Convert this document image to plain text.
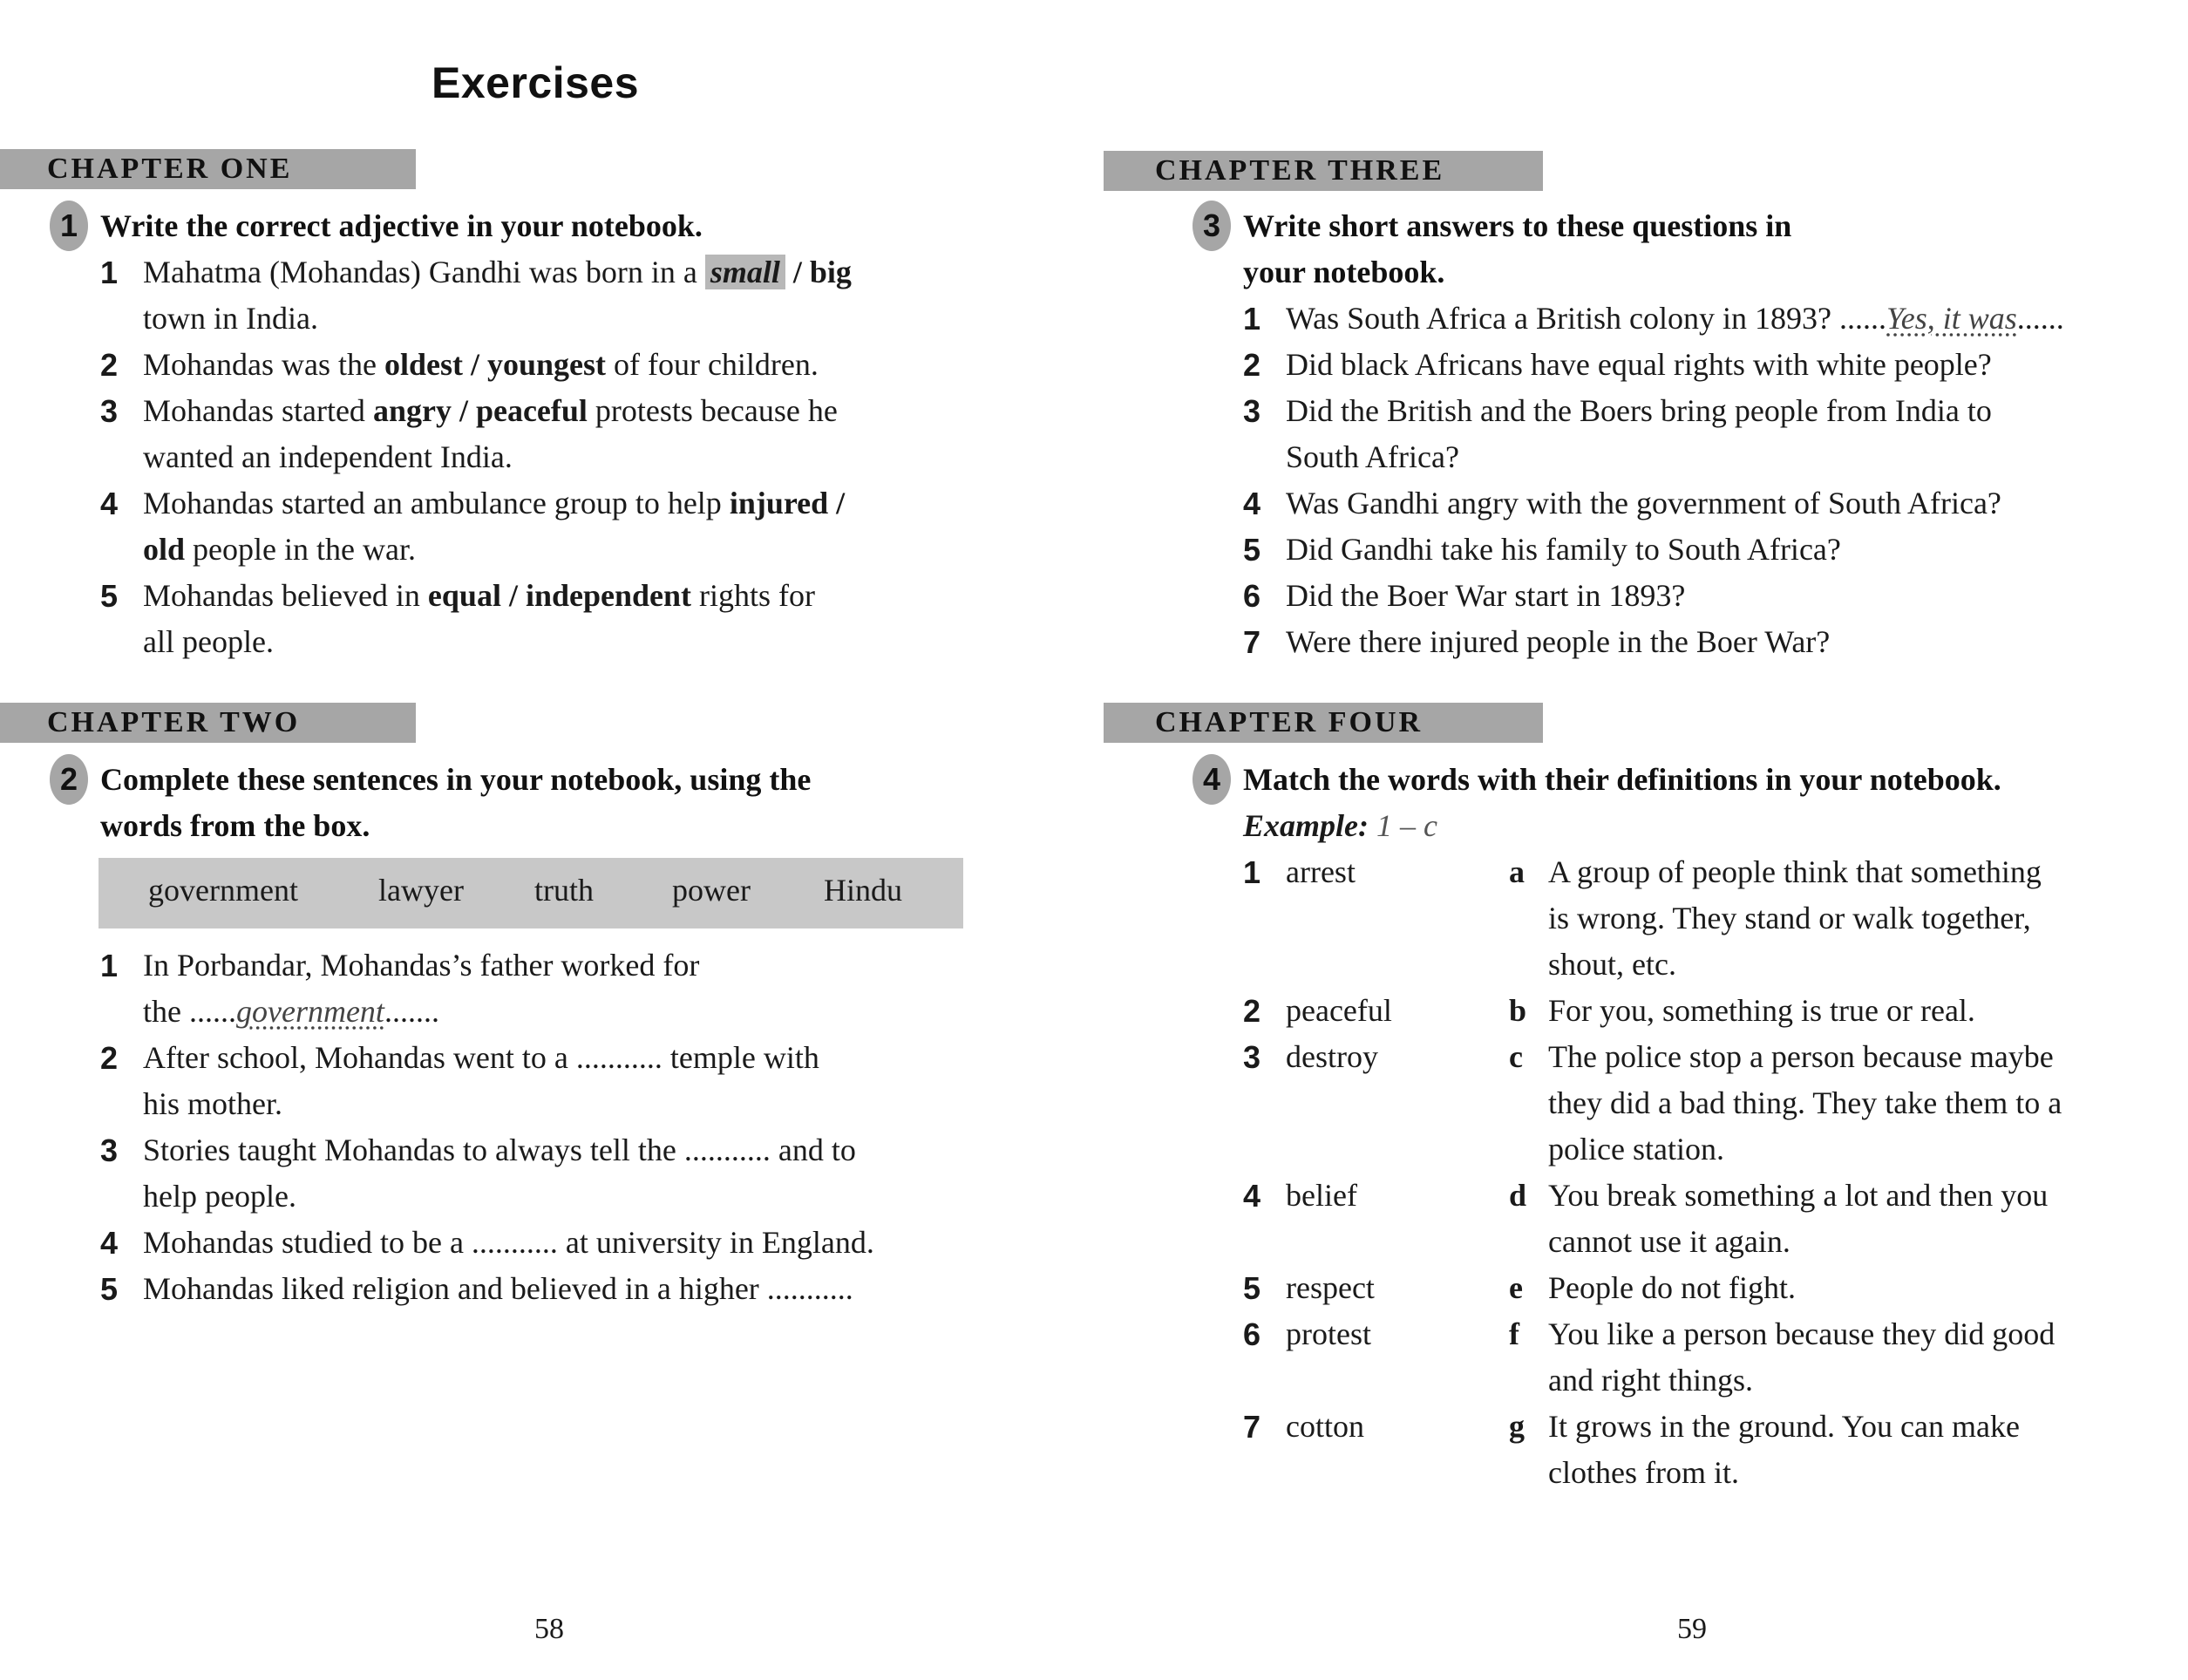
Exercises
CHAPTER ONE
1 Write the correct adjective in your notebook.
1 Mahatma (Mohandas) Gandhi was born in a small / big
town in India.
2 Mohandas was the oldest / youngest of four children.
3 Mohandas started angry / peaceful protests because he
wanted an independent India.
4 Mohandas started an ambulance group to help injured /
old people in the war.
5 Mohandas believed in equal / independent rights for
all people.
CHAPTER TWO
2 Complete these sentences in your notebook, using the
words from the box.
government	lawyer truth	power Hindu
1 In Porbandar, Mohandas’s father worked for
the ......government.......
2 After school, Mohandas went to a ........... temple with
his mother.
3 Stories taught Mohandas to always tell the ........... and to
help people.
4 Mohandas studied to be a ........... at university in England.
5 Mohandas liked religion and believed in a higher ...........
58
CHAPTER THREE
3 Write short answers to these questions in
your notebook.
1 Was South Africa a British colony in 1893? ......Yes, it was......
2 Did black Africans have equal rights with white people?
3 Did the British and the Boers bring people from India to
South Africa?
4 Was Gandhi angry with the government of South Africa?
5 Did Gandhi take his family to South Africa?
6 Did the Boer War start in 1893?
7 Were there injured people in the Boer War?
CHAPTER FOUR
4 Match the words with their definitions in your notebook.
Example: 1 – c
1 arrest
2 peaceful
3 destroy
4 belief
5 respect
6 protest
7 cotton
a A group of people think that something
is wrong. They stand or walk together,
shout, etc.
b For you, something is true or real.
c The police stop a person because maybe
they did a bad thing. They take them to a
police station.
d You break something a lot and then you
cannot use it again.
e People do not fight.
f You like a person because they did good
and right things.
g It grows in the ground. You can make
clothes from it.
59
